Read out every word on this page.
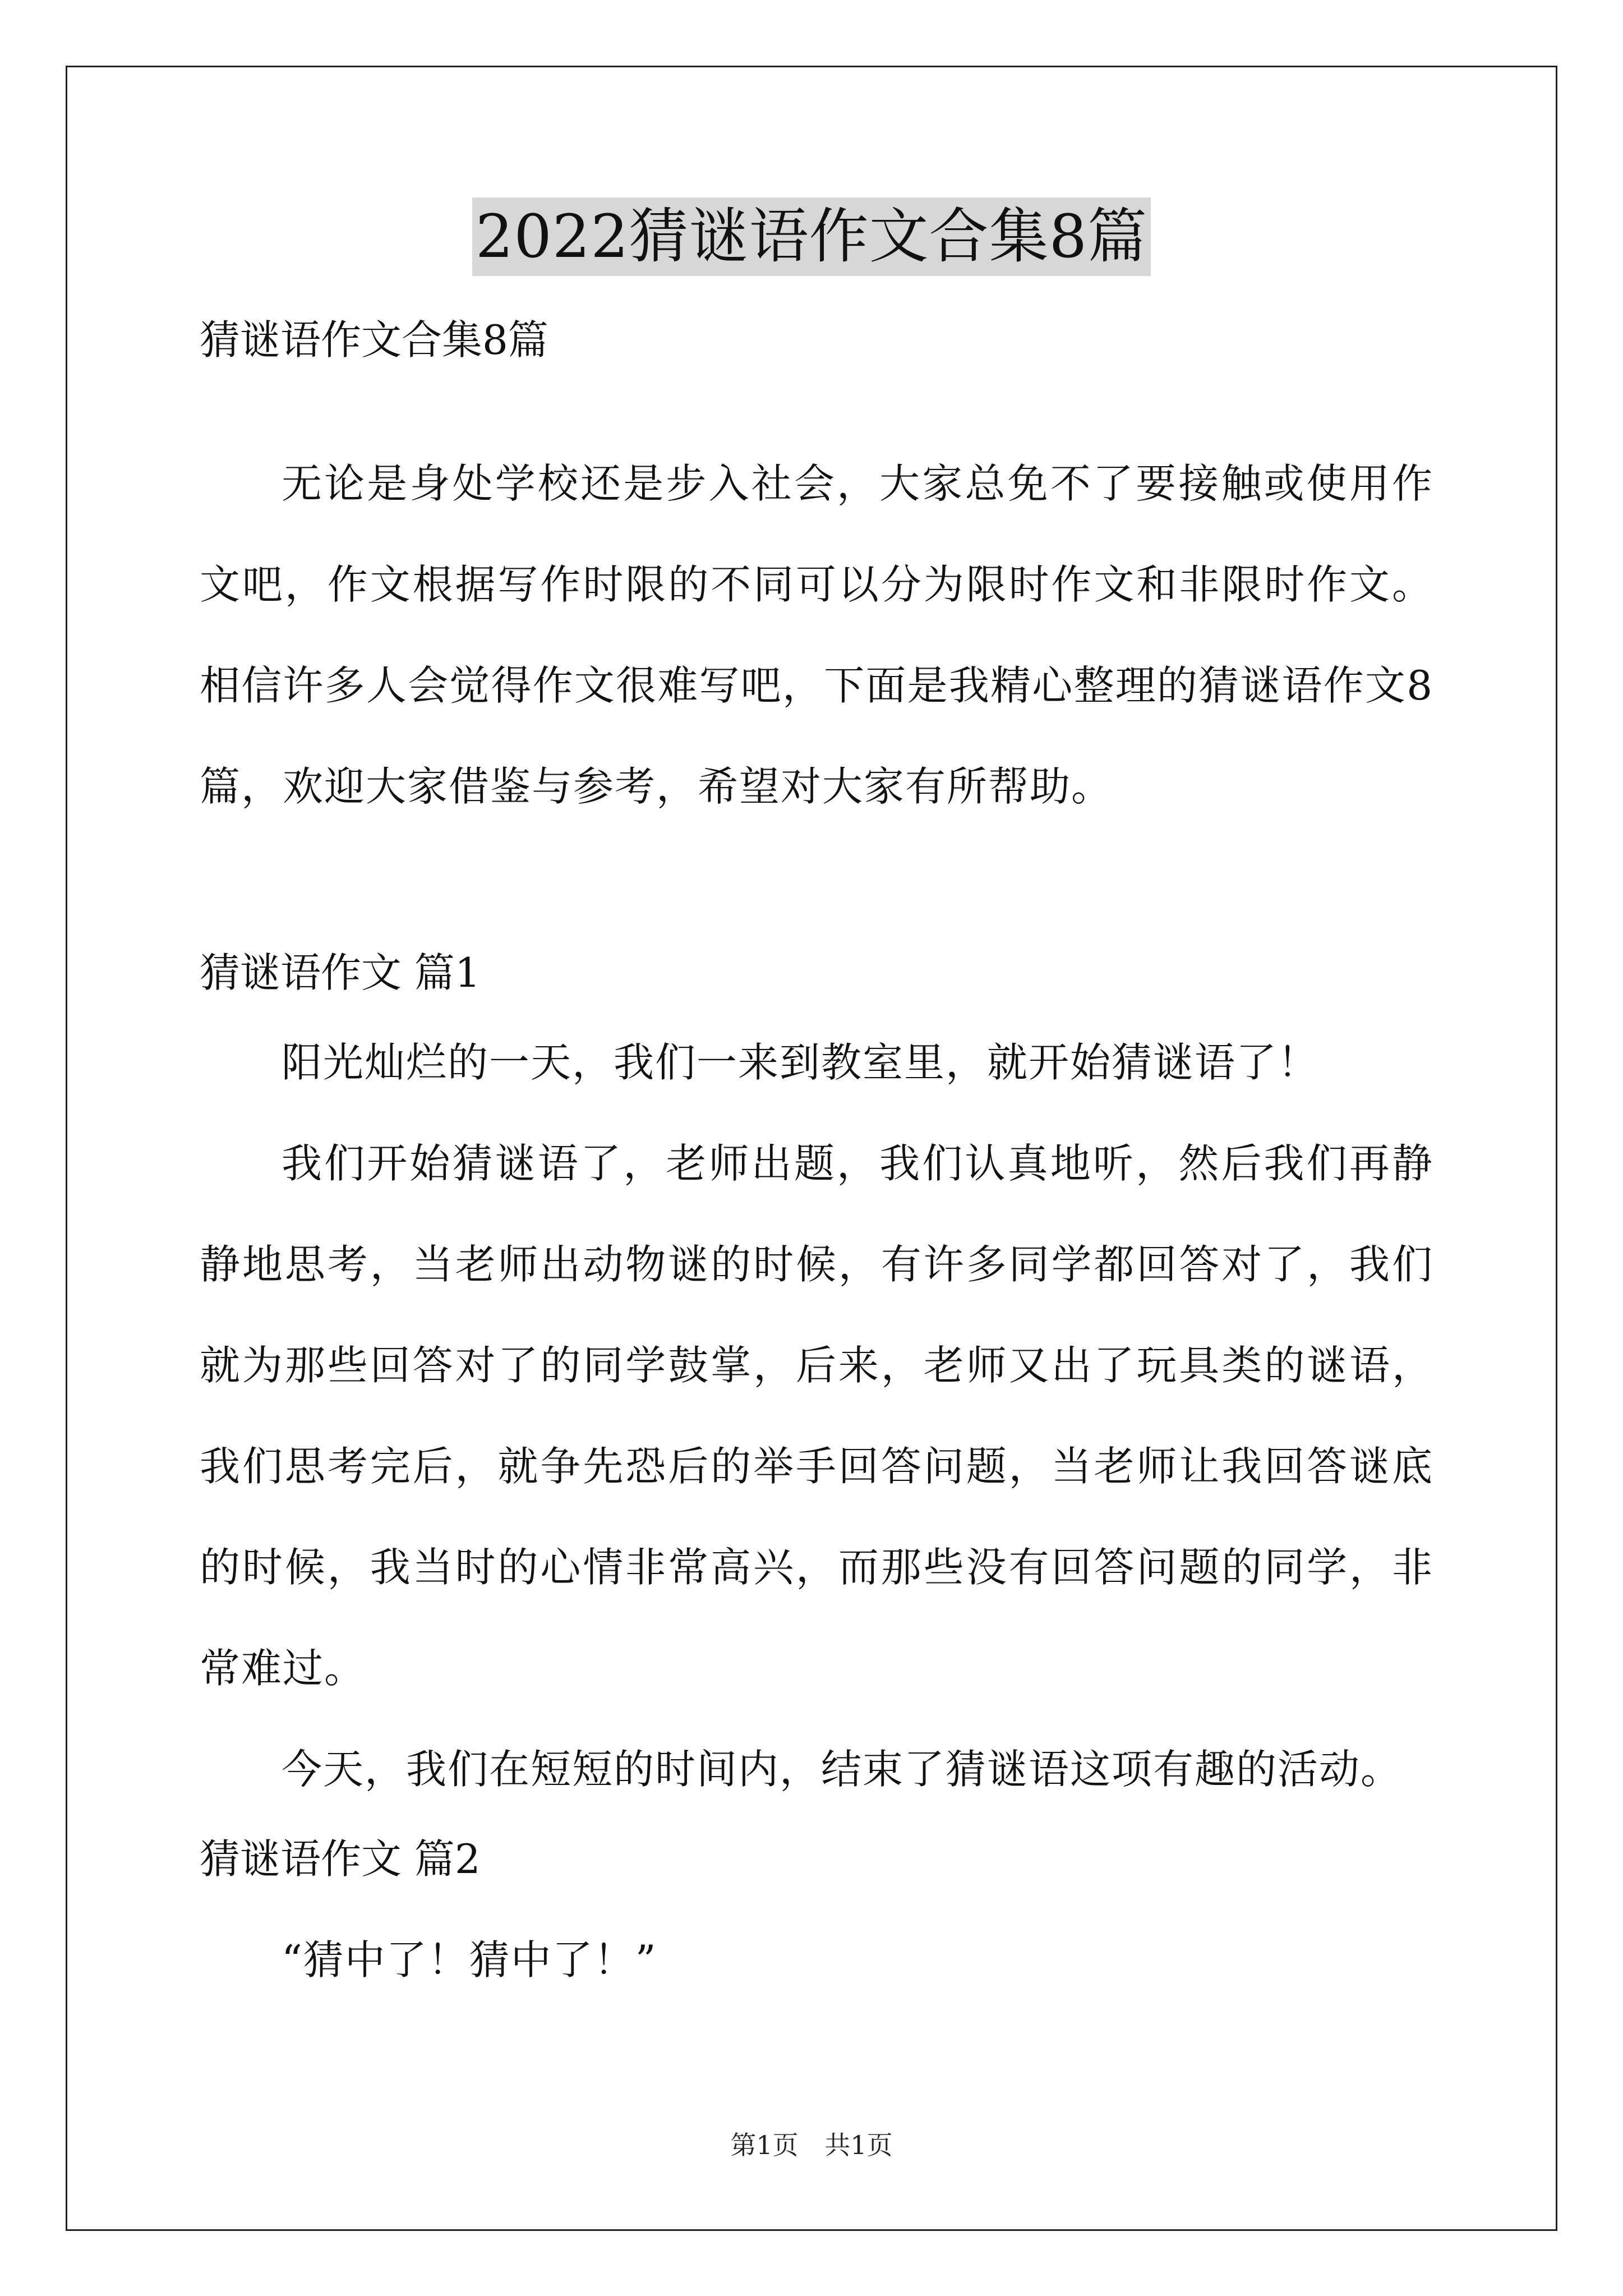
2022猜谜语作文合集8篇

猜谜语作文合集8篇

无论是身处学校还是步入社会，大家总免不了要接触或使用作文吧，作文根据写作时限的不同可以分为限时作文和非限时作文。相信许多人会觉得作文很难写吧，下面是我精心整理的猜谜语作文8篇，欢迎大家借鉴与参考，希望对大家有所帮助。

猜谜语作文 篇1

阳光灿烂的一天，我们一来到教室里，就开始猜谜语了！

我们开始猜谜语了，老师出题，我们认真地听，然后我们再静静地思考，当老师出动物谜的时候，有许多同学都回答对了，我们就为那些回答对了的同学鼓掌，后来，老师又出了玩具类的谜语，我们思考完后，就争先恐后的举手回答问题，当老师让我回答谜底的时候，我当时的心情非常高兴，而那些没有回答问题的同学，非常难过。

今天，我们在短短的时间内，结束了猜谜语这项有趣的活动。

猜谜语作文 篇2

“猜中了！猜中了！”

第1页 共1页
